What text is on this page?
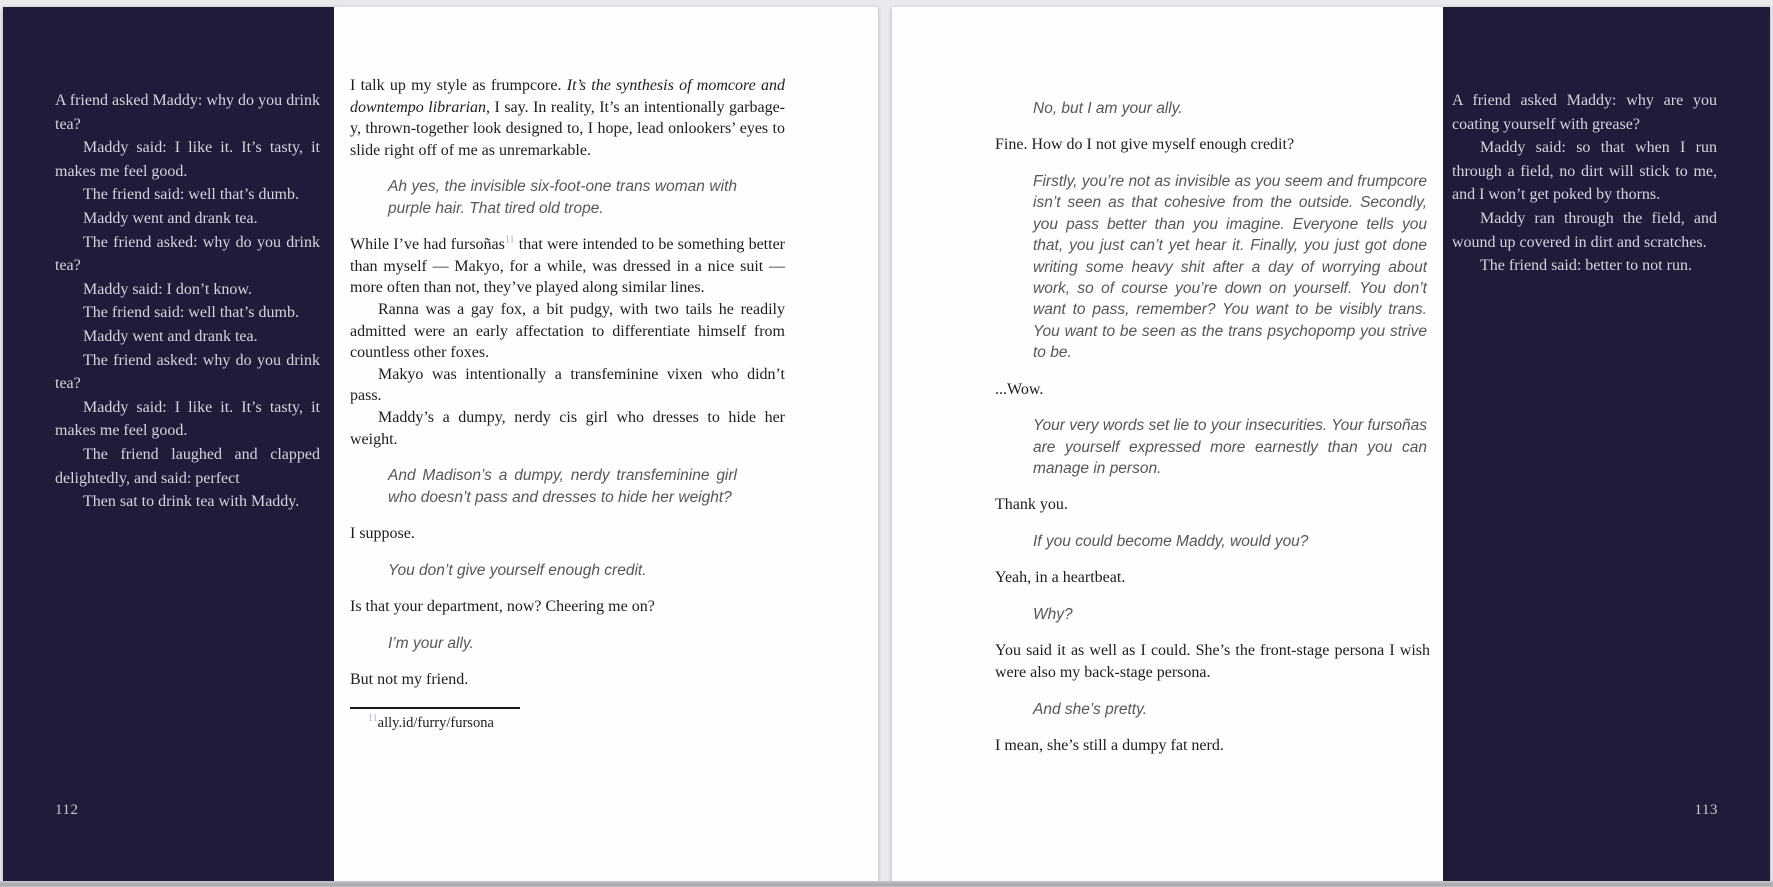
A friend asked Maddy: why do you drink tea?

Maddy said: I like it. It’s tasty, it makes me feel good.

The friend said: well that’s dumb.

Maddy went and drank tea.

The friend asked: why do you drink tea?

Maddy said: I don’t know.

The friend said: well that’s dumb.

Maddy went and drank tea.

The friend asked: why do you drink tea?

Maddy said: I like it. It’s tasty, it makes me feel good.

The friend laughed and clapped delightedly, and said: perfect

Then sat to drink tea with Maddy.

112

I talk up my style as frumpcore. It’s the synthesis of momcore and downtempo librarian, I say. In reality, It’s an intentionally garbage-y, thrown-together look designed to, I hope, lead onlookers’ eyes to slide right off of me as unremarkable.

Ah yes, the invisible six-foot-one trans woman with purple hair. That tired old trope.

While I’ve had fursoñas$^{11}$ that were intended to be something better than myself — Makyo, for a while, was dressed in a nice suit — more often than not, they’ve played along similar lines.

Ranna was a gay fox, a bit pudgy, with two tails he readily admitted were an early affectation to differentiate himself from countless other foxes.

Makyo was intentionally a transfeminine vixen who didn’t pass.

Maddy’s a dumpy, nerdy cis girl who dresses to hide her weight.

And Madison’s a dumpy, nerdy transfeminine girl who doesn’t pass and dresses to hide her weight?

I suppose.

You don’t give yourself enough credit.

Is that your department, now? Cheering me on?

I’m your ally.

But not my friend.

$^{11}$ally.id/furry/fursona
No, but I am your ally.

Fine. How do I not give myself enough credit?

Firstly, you’re not as invisible as you seem and frumpcore isn’t seen as that cohesive from the outside. Secondly, you pass better than you imagine. Everyone tells you that, you just can’t yet hear it. Finally, you just got done writing some heavy shit after a day of worrying about work, so of course you’re down on yourself. You don’t want to pass, remember? You want to be visibly trans. You want to be seen as the trans psychopomp you strive to be.

...Wow.

Your very words set lie to your insecurities. Your fursoñas are yourself expressed more earnestly than you can manage in person.

Thank you.

If you could become Maddy, would you?

Yeah, in a heartbeat.

Why?

You said it as well as I could. She’s the front-stage persona I wish were also my back-stage persona.

And she’s pretty.

I mean, she’s still a dumpy fat nerd.

A friend asked Maddy: why are you coating yourself with grease?

Maddy said: so that when I run through a field, no dirt will stick to me, and I won’t get poked by thorns.

Maddy ran through the field, and wound up covered in dirt and scratches.

The friend said: better to not run.

113
